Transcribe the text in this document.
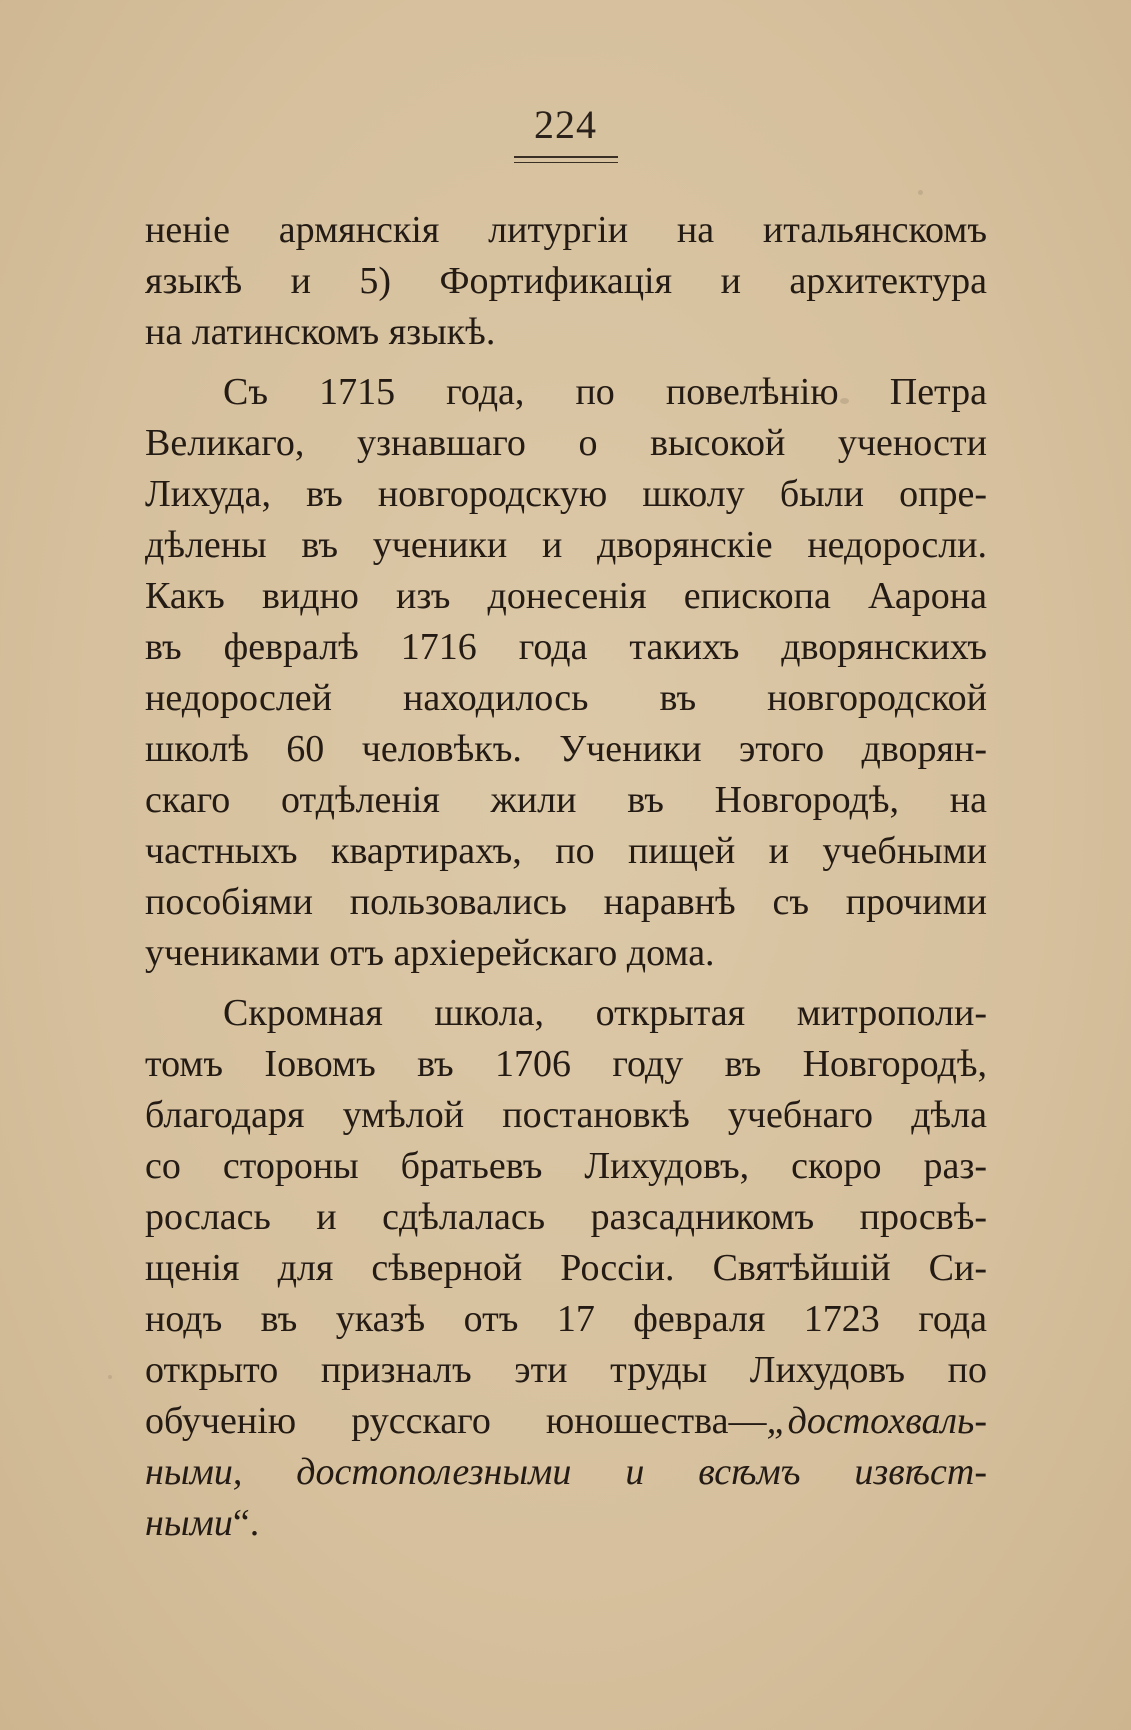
224
ненiе армянскiя литургiи на итальянскомъ
языкѣ и 5) Фортификацiя и архитектура
на латинскомъ языкѣ.
Съ 1715 года, по повелѣнiю Петра
Великаго, узнавшаго о высокой учености
Лихуда, въ новгородскую школу были опре-
дѣлены въ ученики и дворянскiе недоросли.
Какъ видно изъ донесенiя епископа Аарона
въ февралѣ 1716 года такихъ дворянскихъ
недорослей находилось въ новгородской
школѣ 60 человѣкъ. Ученики этого дворян-
скаго отдѣленiя жили въ Новгородѣ, на
частныхъ квартирахъ, по пищей и учебными
пособiями пользовались наравнѣ съ прочими
учениками отъ архiерейскаго дома.
Скромная школа, открытая митрополи-
томъ Iовомъ въ 1706 году въ Новгородѣ,
благодаря умѣлой постановкѣ учебнаго дѣла
со стороны братьевъ Лихудовъ, скоро раз-
рослась и сдѣлалась разсадникомъ просвѣ-
щенiя для сѣверной Россiи. Святѣйшiй Си-
нодъ въ указѣ отъ 17 февраля 1723 года
открыто призналъ эти труды Лихудовъ по
обученiю русскаго юношества—„достохваль-
ными, достополезными и всѣмъ извѣст-
ными“.
